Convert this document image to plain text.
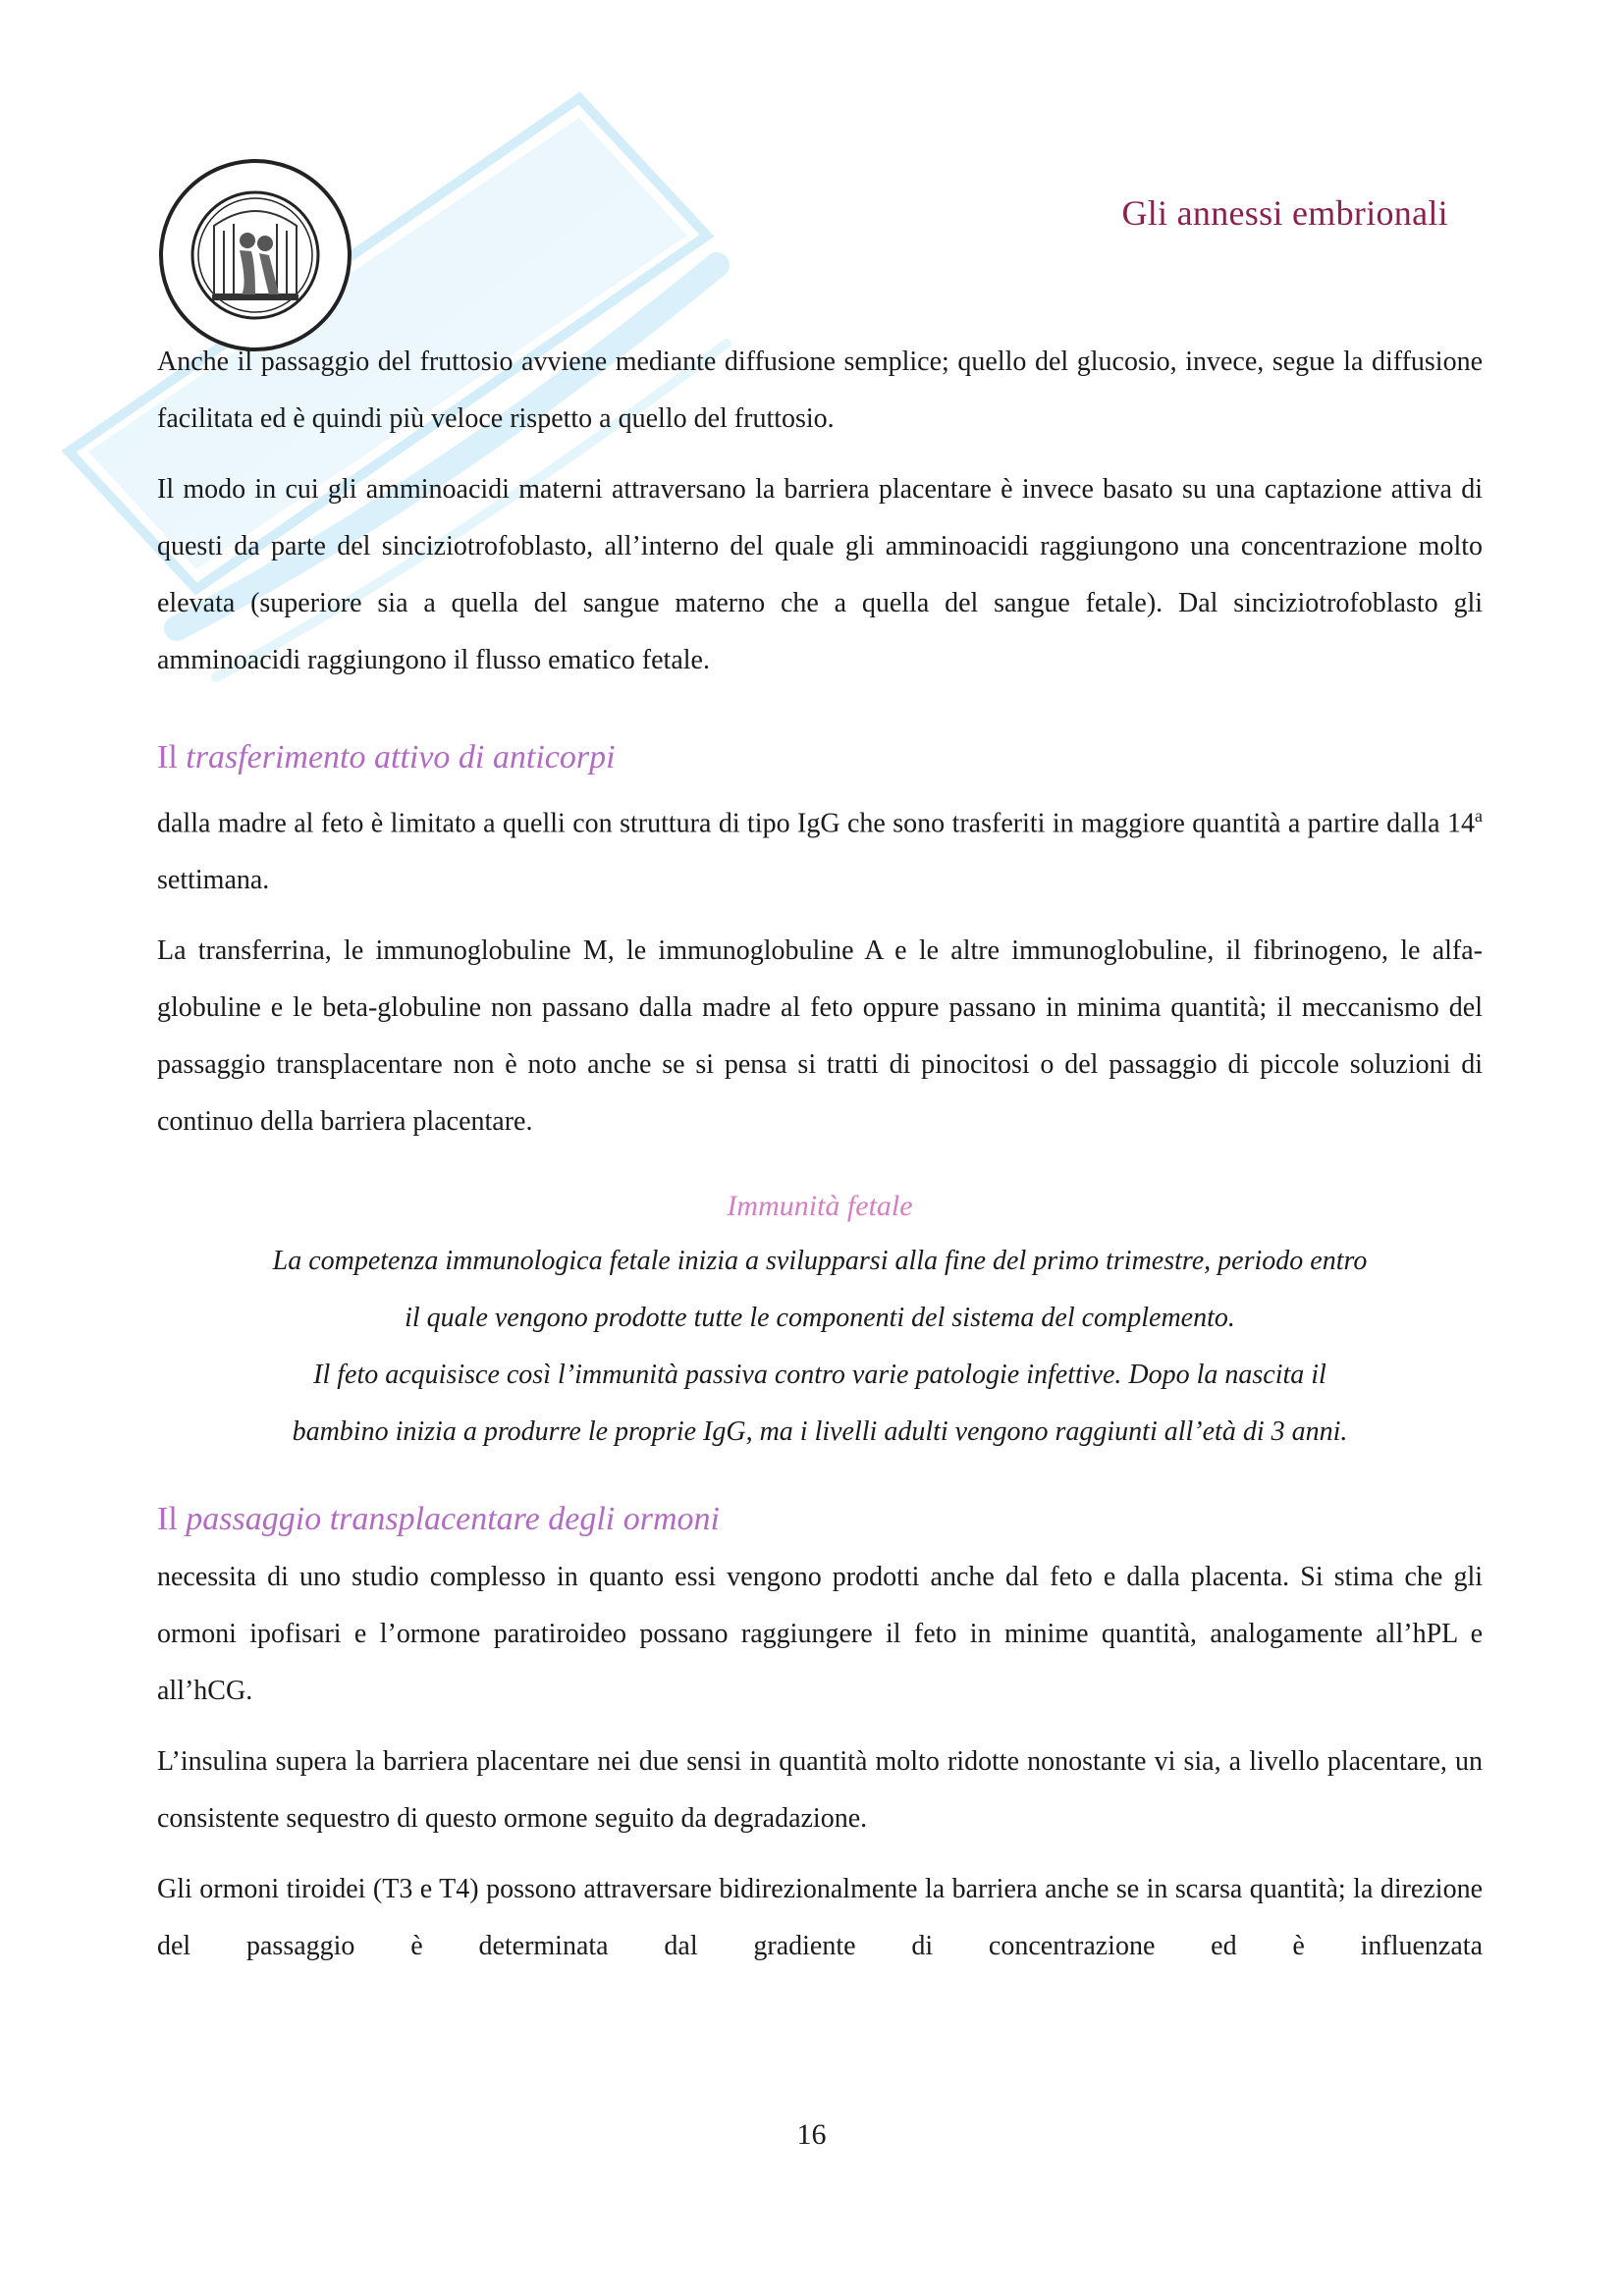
Gli annessi embrionali

Anche il passaggio del fruttosio avviene mediante diffusione semplice; quello del glucosio, invece, segue la diffusione facilitata ed è quindi più veloce rispetto a quello del fruttosio.

Il modo in cui gli amminoacidi materni attraversano la barriera placentare è invece basato su una captazione attiva di questi da parte del sinciziotrofoblasto, all’interno del quale gli amminoacidi raggiungono una concentrazione molto elevata (superiore sia a quella del sangue materno che a quella del sangue fetale). Dal sinciziotrofoblasto gli amminoacidi raggiungono il flusso ematico fetale.

Il trasferimento attivo di anticorpi

dalla madre al feto è limitato a quelli con struttura di tipo IgG che sono trasferiti in maggiore quantità a partire dalla 14$^a$ settimana.

La transferrina, le immunoglobuline M, le immunoglobuline A e le altre immunoglobuline, il fibrinogeno, le alfa-globuline e le beta-globuline non passano dalla madre al feto oppure passano in minima quantità; il meccanismo del passaggio transplacentare non è noto anche se si pensa si tratti di pinocitosi o del passaggio di piccole soluzioni di continuo della barriera placentare.

Immunità fetale
La competenza immunologica fetale inizia a svilupparsi alla fine del primo trimestre, periodo entro
il quale vengono prodotte tutte le componenti del sistema del complemento.
Il feto acquisisce così l’immunità passiva contro varie patologie infettive. Dopo la nascita il
bambino inizia a produrre le proprie IgG, ma i livelli adulti vengono raggiunti all’età di 3 anni.
Il passaggio transplacentare degli ormoni

necessita di uno studio complesso in quanto essi vengono prodotti anche dal feto e dalla placenta. Si stima che gli ormoni ipofisari e l’ormone paratiroideo possano raggiungere il feto in minime quantità, analogamente all’hPL e all’hCG.

L’insulina supera la barriera placentare nei due sensi in quantità molto ridotte nonostante vi sia, a livello placentare, un consistente sequestro di questo ormone seguito da degradazione.

Gli ormoni tiroidei (T3 e T4) possono attraversare bidirezionalmente la barriera anche se in scarsa quantità; la direzione del passaggio è determinata dal gradiente di concentrazione ed è influenzata

16
